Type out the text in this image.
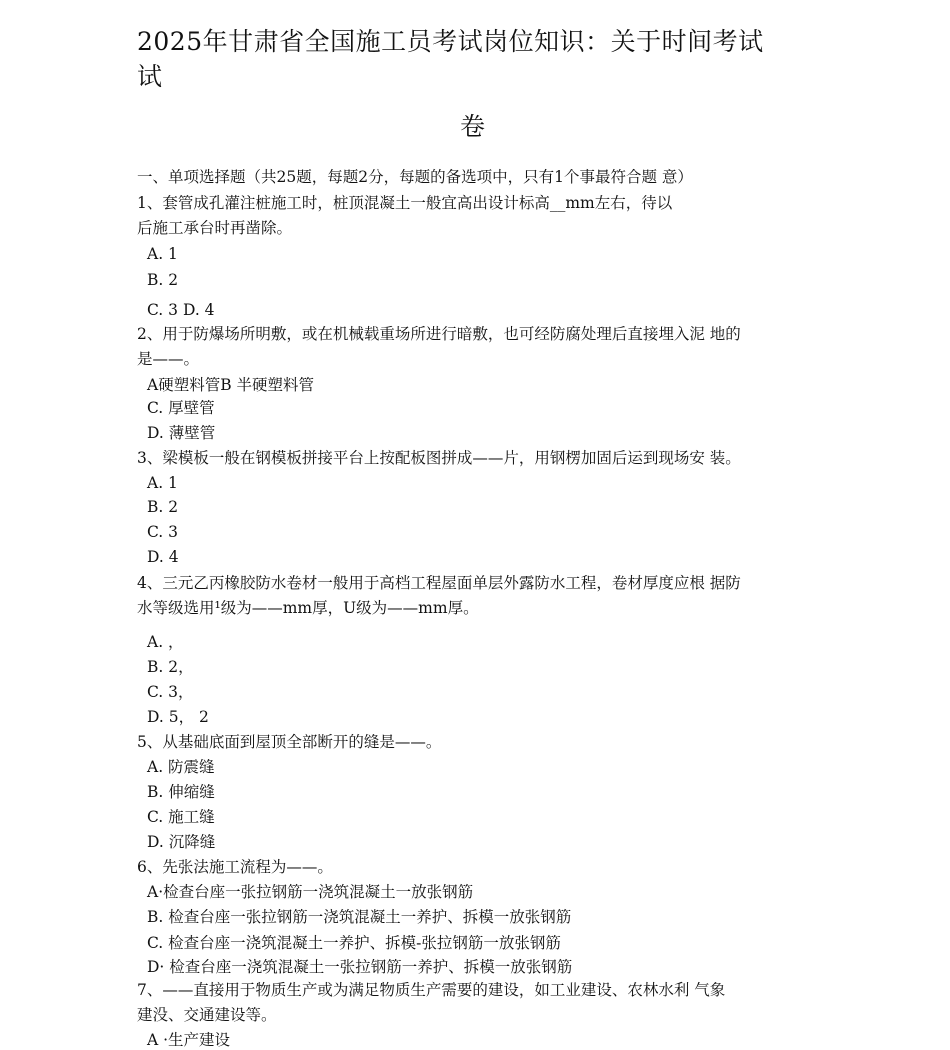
2025年甘肃省全国施工员考试岗位知识：关于时间考试
试
卷
一、单项选择题（共25题，每题2分，每题的备选项中，只有1个事最符合题 意）
1、套管成孔灌注桩施工时，桩顶混凝土一般宜高出设计标高__mm左右，待以
后施工承台时再凿除。
A. 1
B. 2
C. 3 D. 4
2、用于防爆场所明敷，或在机械载重场所进行暗敷，也可经防腐处理后直接埋入泥 地的
是——。
A硬塑料管B 半硬塑料管
C. 厚壁管
D. 薄壁管
3、梁模板一般在钢模板拼接平台上按配板图拼成——片，用钢楞加固后运到现场安 装。
A. 1
B. 2
C. 3
D. 4
4、三元乙丙橡胶防水卷材一般用于高档工程屋面单层外露防水工程，卷材厚度应根 据防
水等级选用¹级为——mm厚，U级为——mm厚。
A. ，
B. 2，
C. 3，
D. 5， 2
5、从基础底面到屋顶全部断开的缝是——。
A. 防震缝
B. 伸缩缝
C. 施工缝
D. 沉降缝
6、先张法施工流程为——。
A·检查台座一张拉钢筋一浇筑混凝土一放张钢筋
B. 检查台座一张拉钢筋一浇筑混凝土一养护、拆模一放张钢筋
C. 检查台座一浇筑混凝土一养护、拆模-张拉钢筋一放张钢筋
D· 检查台座一浇筑混凝土一张拉钢筋一养护、拆模一放张钢筋
7、——直接用于物质生产或为满足物质生产需要的建设，如工业建设、农林水利 气象
建没、交通建设等。
A ·生产建设
